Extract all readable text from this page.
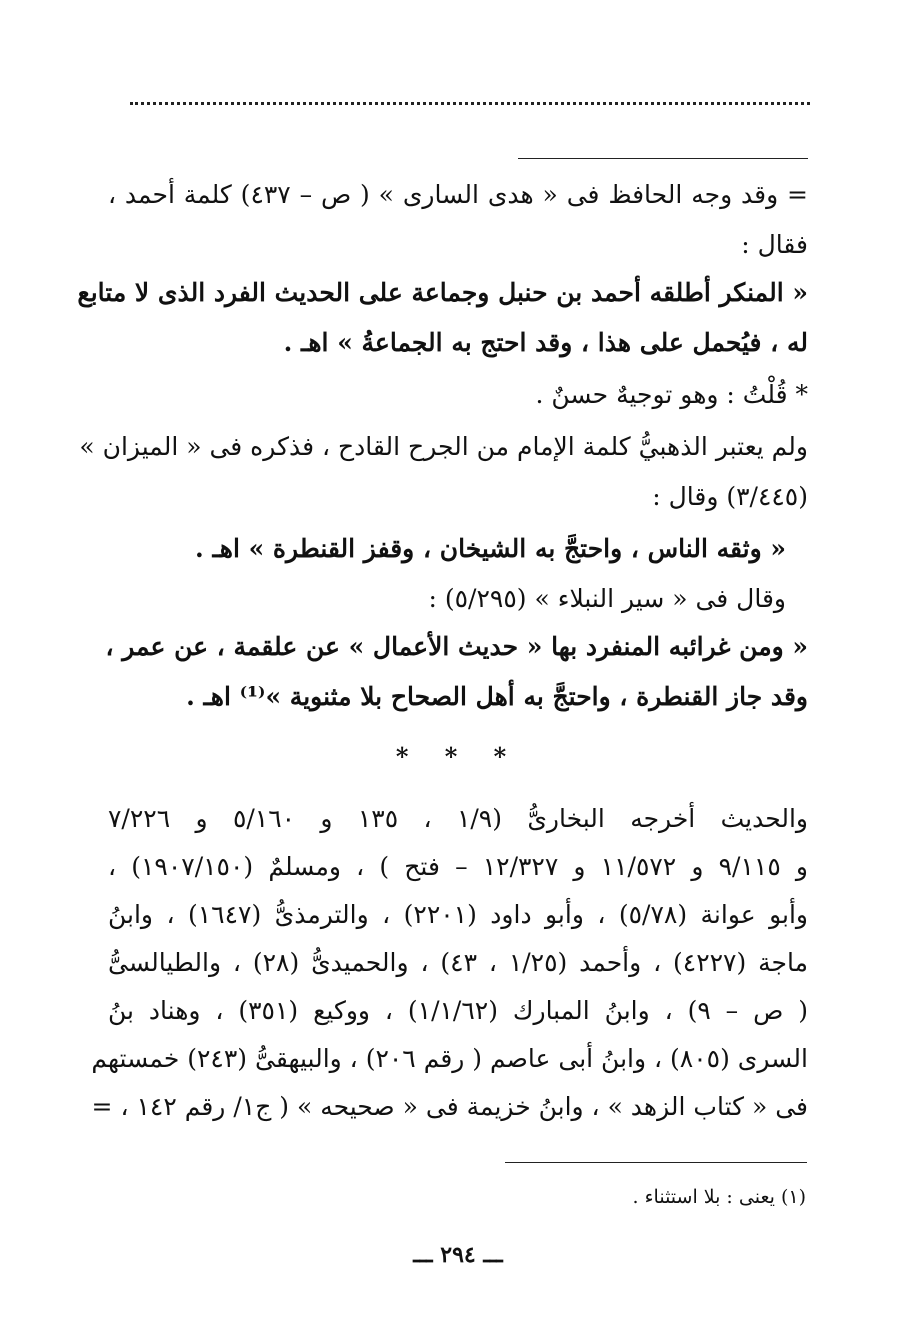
= وقد وجه الحافظ فى « هدى السارى » ( ص – ٤٣٧) كلمة أحمد ،
فقال :
« المنكر أطلقه أحمد بن حنبل وجماعة على الحديث الفرد الذى لا متابع
له ، فيُحمل على هذا ، وقد احتج به الجماعةُ » اهـ .
* قُلْتُ : وهو توجيهٌ حسنٌ .
ولم يعتبر الذهبيُّ كلمة الإمام من الجرح القادح ، فذكره فى « الميزان »
(٣/٤٤٥) وقال :
« وثقه الناس ، واحتجَّ به الشيخان ، وقفز القنطرة » اهـ .
وقال فى « سير النبلاء » (٥/٢٩٥) :
« ومن غرائبه المنفرد بها « حديث الأعمال » عن علقمة ، عن عمر ،
وقد جاز القنطرة ، واحتجَّ به أهل الصحاح بلا مثنوية »⁽¹⁾ اهـ .
* * *
والحديث أخرجه البخارىُّ (١/٩ ، ١٣٥ و ٥/١٦٠ و ٧/٢٢٦
و ٩/١١٥ و ١١/٥٧٢ و ١٢/٣٢٧ – فتح ) ، ومسلمٌ (١٩٠٧/١٥٠) ،
وأبو عوانة (٥/٧٨) ، وأبو داود (٢٢٠١) ، والترمذىُّ (١٦٤٧) ، وابنُ
ماجة (٤٢٢٧) ، وأحمد (١/٢٥ ، ٤٣) ، والحميدىُّ (٢٨) ، والطيالسىُّ
( ص – ٩) ، وابنُ المبارك (١/١/٦٢) ، ووكيع (٣٥١) ، وهناد بنُ
السرى (٨٠٥) ، وابنُ أبى عاصم ( رقم ٢٠٦) ، والبيهقىُّ (٢٤٣) خمستهم
فى « كتاب الزهد » ، وابنُ خزيمة فى « صحيحه » ( ج١/ رقم ١٤٢ ، =
(١) يعنى : بلا استثناء .
ـــ ٢٩٤ ـــ
